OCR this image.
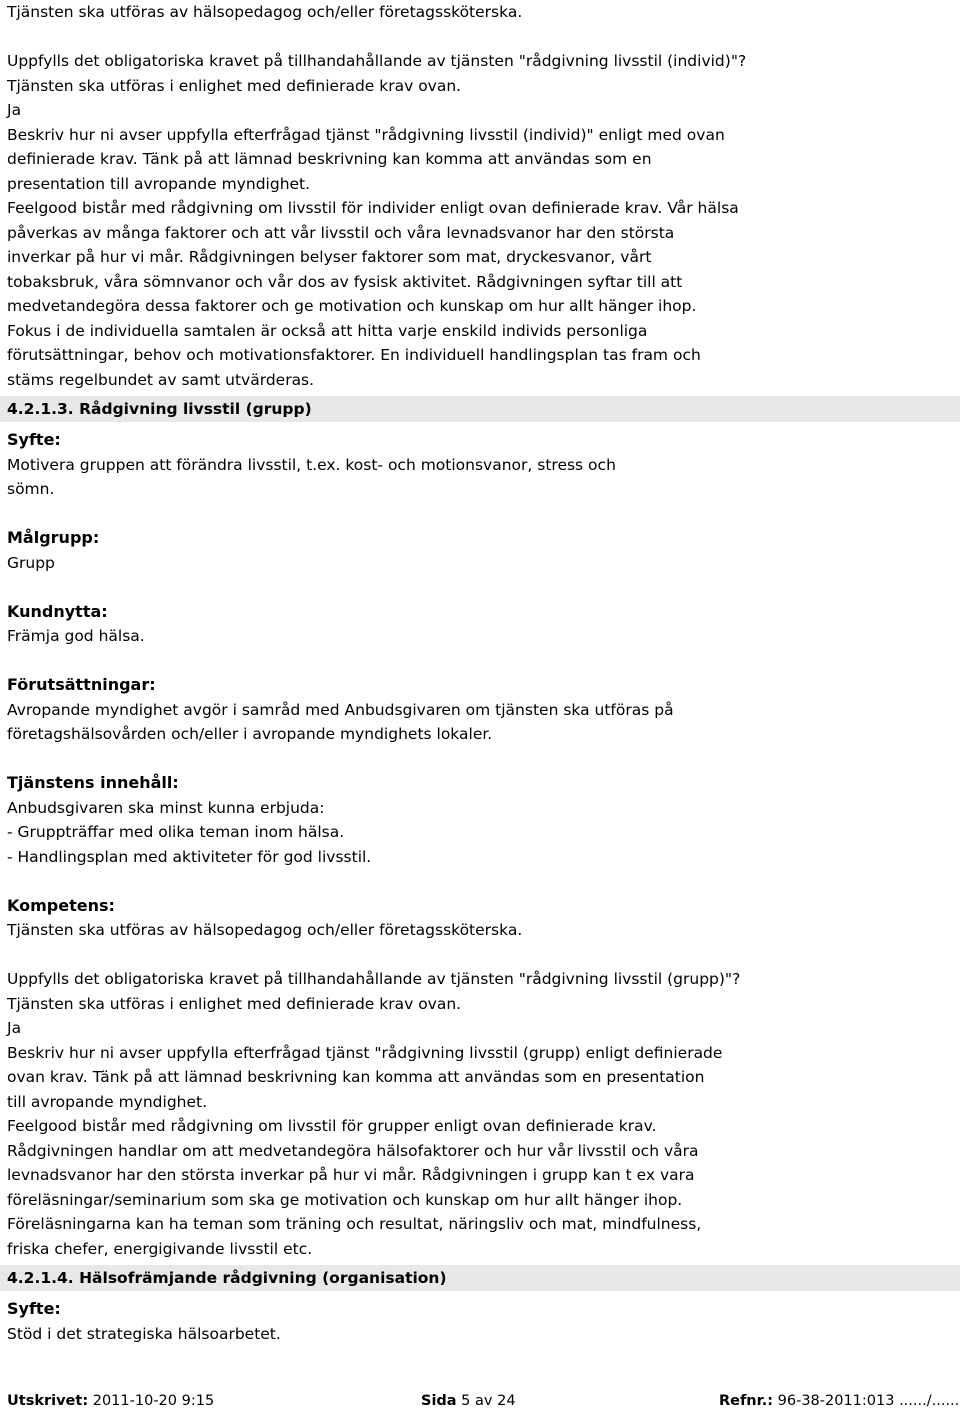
Tjänsten ska utföras av hälsopedagog och/eller företagssköterska.

Uppfylls det obligatoriska kravet på tillhandahållande av tjänsten "rådgivning livsstil (individ)"?

Tjänsten ska utföras i enlighet med definierade krav ovan.

Ja

Beskriv hur ni avser uppfylla efterfrågad tjänst "rådgivning livsstil (individ)" enligt med ovan

definierade krav. Tänk på att lämnad beskrivning kan komma att användas som en

presentation till avropande myndighet.

Feelgood bistår med rådgivning om livsstil för individer enligt ovan definierade krav. Vår hälsa

påverkas av många faktorer och att vår livsstil och våra levnadsvanor har den största

inverkar på hur vi mår. Rådgivningen belyser faktorer som mat, dryckesvanor, vårt

tobaksbruk, våra sömnvanor och vår dos av fysisk aktivitet. Rådgivningen syftar till att

medvetandegöra dessa faktorer och ge motivation och kunskap om hur allt hänger ihop.

Fokus i de individuella samtalen är också att hitta varje enskild individs personliga

förutsättningar, behov och motivationsfaktorer. En individuell handlingsplan tas fram och

stäms regelbundet av samt utvärderas.

4.2.1.3. Rådgivning livsstil (grupp)

Syfte:

Motivera gruppen att förändra livsstil, t.ex. kost- och motionsvanor, stress och

sömn.

Målgrupp:

Grupp

Kundnytta:

Främja god hälsa.

Förutsättningar:

Avropande myndighet avgör i samråd med Anbudsgivaren om tjänsten ska utföras på

företagshälsovården och/eller i avropande myndighets lokaler.

Tjänstens innehåll:

Anbudsgivaren ska minst kunna erbjuda:

- Gruppträffar med olika teman inom hälsa.

- Handlingsplan med aktiviteter för god livsstil.

Kompetens:

Tjänsten ska utföras av hälsopedagog och/eller företagssköterska.

Uppfylls det obligatoriska kravet på tillhandahållande av tjänsten "rådgivning livsstil (grupp)"?

Tjänsten ska utföras i enlighet med definierade krav ovan.

Ja

Beskriv hur ni avser uppfylla efterfrågad tjänst "rådgivning livsstil (grupp) enligt definierade

ovan krav. Tänk på att lämnad beskrivning kan komma att användas som en presentation

till avropande myndighet.

Feelgood bistår med rådgivning om livsstil för grupper enligt ovan definierade krav.

Rådgivningen handlar om att medvetandegöra hälsofaktorer och hur vår livsstil och våra

levnadsvanor har den största inverkar på hur vi mår. Rådgivningen i grupp kan t ex vara

föreläsningar/seminarium som ska ge motivation och kunskap om hur allt hänger ihop.

Föreläsningarna kan ha teman som träning och resultat, näringsliv och mat, mindfulness,

friska chefer, energigivande livsstil etc.

4.2.1.4. Hälsofrämjande rådgivning (organisation)

Syfte:

Stöd i det strategiska hälsoarbetet.

Utskrivet: 2011-10-20 9:15	Sida 5 av 24	Refnr.: 96-38-2011:013 ....../......
